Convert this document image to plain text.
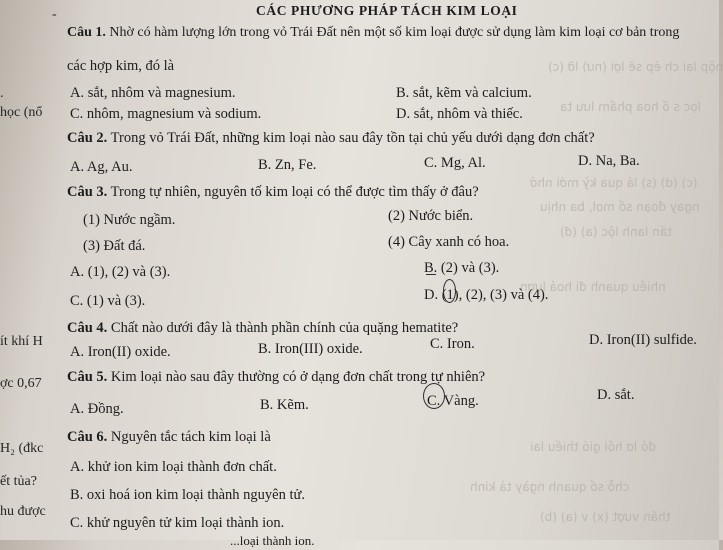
nộp lại ch ép sẽ lợi (nư) lỡ (c)
lọc s ố hoa phẩm lưu ta
(c) (d) (s) lá qua kỳ mới nhớ
ngay đoạn sổ mol, ba nhịu
tấn lanh lộc (a) (đ)
nhiều quanh đi hoá lượn
đó lơ hồi gió thiếu lai
chỗ sổ quanh ngày tả kinh
thần vượt (x) v (a) (b)
CÁC PHƯƠNG PHÁP TÁCH KIM LOẠI
-
.
học (nổ
ít khí H
ợc 0,67
H₂ (đkc
ết tủa?
hu được
Câu 1. Nhờ có hàm lượng lớn trong vỏ Trái Đất nên một số kim loại được sử dụng làm kim loại cơ bản trong
các hợp kim, đó là
A. sắt, nhôm và magnesium.	B. sắt, kẽm và calcium.
C. nhôm, magnesium và sodium.	D. sắt, nhôm và thiếc.
Câu 2. Trong vỏ Trái Đất, những kim loại nào sau đây tồn tại chủ yếu dưới dạng đơn chất?
A. Ag, Au.	B. Zn, Fe.	C. Mg, Al.	D. Na, Ba.
Câu 3. Trong tự nhiên, nguyên tố kim loại có thể được tìm thấy ở đâu?
(1) Nước ngầm.	(2) Nước biển.
(3) Đất đá.	(4) Cây xanh có hoa.
A. (1), (2) và (3).	B. (2) và (3).
C. (1) và (3).	D. (1), (2), (3) và (4).
Câu 4. Chất nào dưới đây là thành phần chính của quặng hematite?
A. Iron(II) oxide.	B. Iron(III) oxide.	C. Iron.	D. Iron(II) sulfide.
Câu 5. Kim loại nào sau đây thường có ở dạng đơn chất trong tự nhiên?
A. Đồng.	B. Kẽm.	C. Vàng.	D. sắt.
Câu 6. Nguyên tắc tách kim loại là
A. khử ion kim loại thành đơn chất.
B. oxi hoá ion kim loại thành nguyên tử.
C. khử nguyên tử kim loại thành ion.
...loại thành ion.
